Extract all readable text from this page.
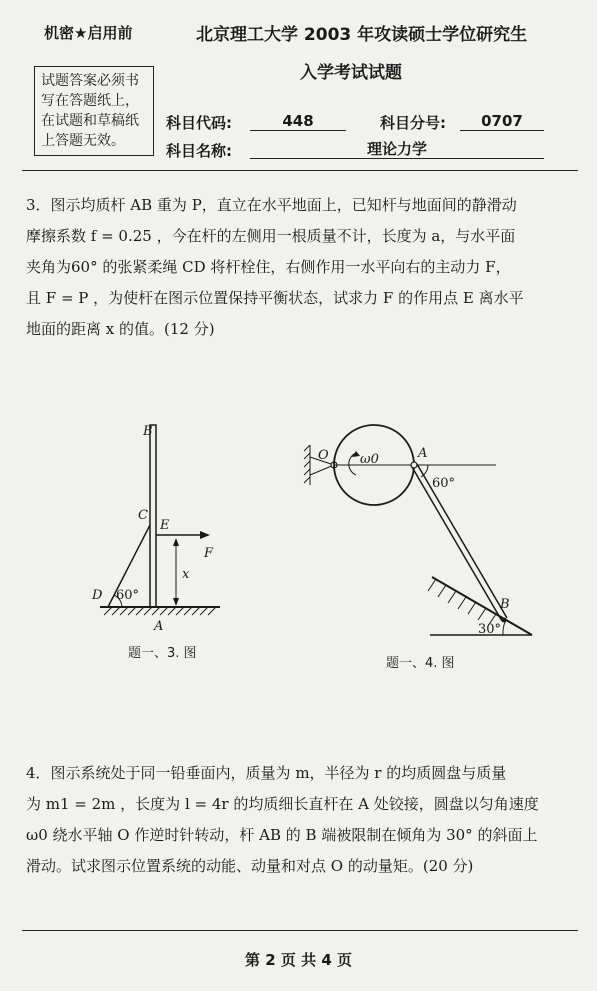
机密★启用前	北京理工大学 2003 年攻读硕士学位研究生
入学考试试题
试题答案必须书
写在答题纸上，
在试题和草稿纸
上答题无效。
科目代码:	448	科目分号:	0707
科目名称:	理论力学
3．图示均质杆 AB 重为 P，直立在水平地面上，已知杆与地面间的静滑动
摩擦系数 f = 0.25 ，今在杆的左侧用一根质量不计，长度为 a，与水平面
夹角为60° 的张紧柔绳 CD 将杆栓住，右侧作用一水平向右的主动力 F，
且 F = P ，为使杆在图示位置保持平衡状态，试求力 F 的作用点 E 离水平
地面的距离 x 的值。(12 分)
B
C
E
F
x
D 60°
A
题一、3. 图
O ω0	A
60°
B
30°
题一、4. 图
4．图示系统处于同一铅垂面内，质量为 m，半径为 r 的均质圆盘与质量
为 m1 = 2m ，长度为 l = 4r 的均质细长直杆在 A 处铰接，圆盘以匀角速度
ω0 绕水平轴 O 作逆时针转动，杆 AB 的 B 端被限制在倾角为 30° 的斜面上
滑动。试求图示位置系统的动能、动量和对点 O 的动量矩。(20 分)
第 2 页 共 4 页
